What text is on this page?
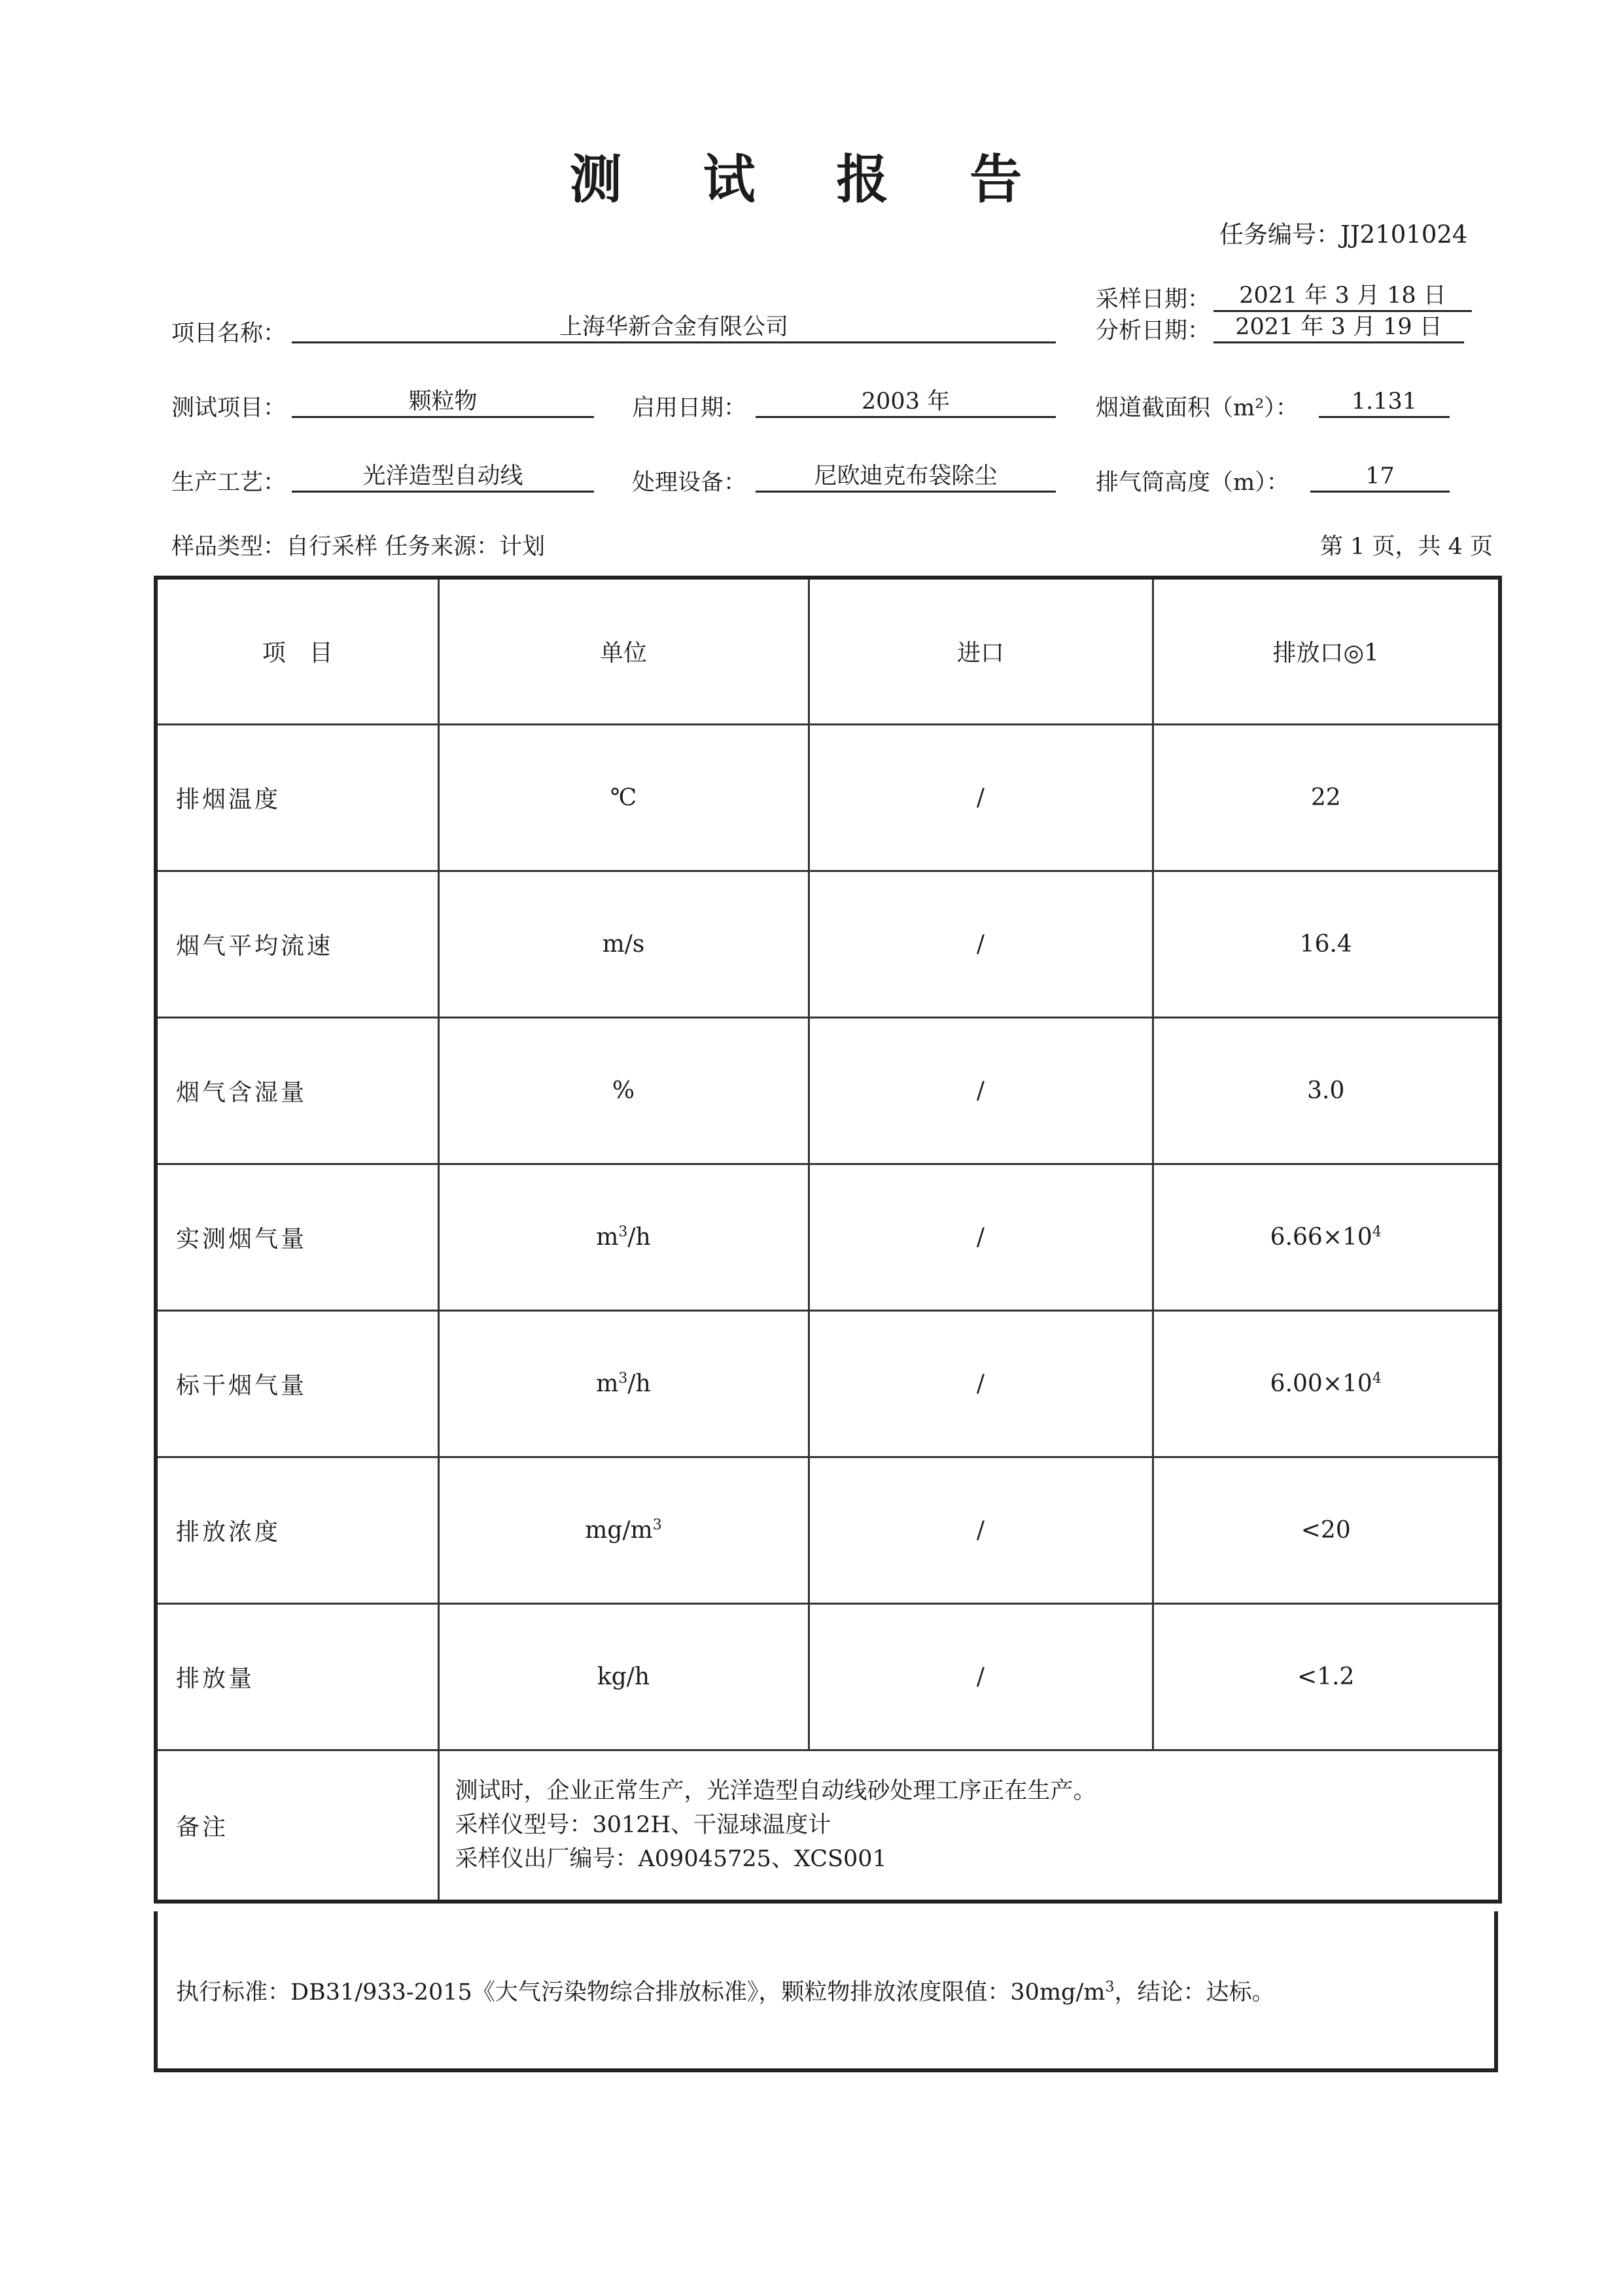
测 试 报 告
任务编号：JJ2101024
采样日期：	2021 年 3 月 18 日
分析日期：	2021 年 3 月 19 日
项目名称：	上海华新合金有限公司
测试项目：	颗粒物	启用日期：	2003 年	烟道截面积（m²）：	1.131
生产工艺：	光洋造型自动线	处理设备：	尼欧迪克布袋除尘	排气筒高度（m）：	17
样品类型：自行采样 任务来源：计划	第 1 页，共 4 页
项　目	单位	进口	排放口◎1
排烟温度	℃	/	22
烟气平均流速	m/s	/	16.4
烟气含湿量	%	/	3.0
实测烟气量	$m^3/h$	/	$6.66\times 10^4$
标干烟气量	$m^3/h$	/	$6.00\times 10^4$
排放浓度	$mg/m^3$	/	<20
排放量	kg/h	/	<1.2
备注	测试时，企业正常生产，光洋造型自动线砂处理工序正在生产。
采样仪型号：3012H、干湿球温度计
采样仪出厂编号：A09045725、XCS001		
执行标准：DB31/933-2015《大气污染物综合排放标准》，颗粒物排放浓度限值：$30mg/m^3$，结论：达标。
